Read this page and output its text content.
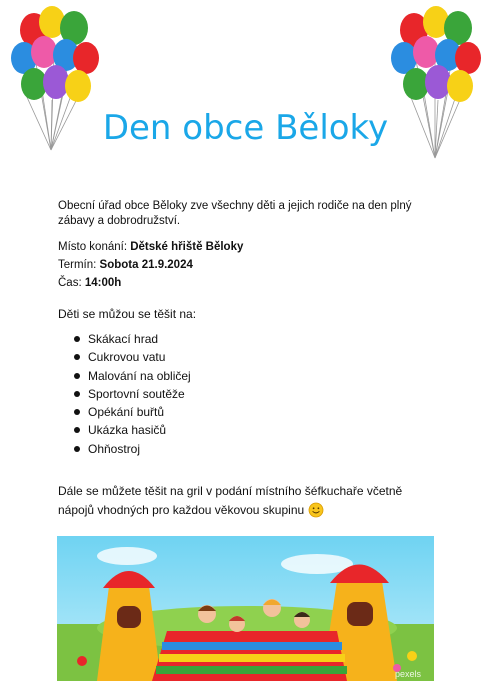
Den obce Běloky
Obecní úřad obce Běloky zve všechny děti a jejich rodiče na den plný zábavy a dobrodružství.
Místo konání: Dětské hřiště Běloky
Termín: Sobota 21.9.2024
Čas: 14:00h
Děti se můžou se těšit na:
Skákací hrad
Cukrovou vatu
Malování na obličej
Sportovní soutěže
Opékání buřtů
Ukázka hasičů
Ohňostroj
Dále se můžete těšit na gril v podání místního šéfkuchaře včetně nápojů vhodných pro každou věkovou skupinu
pexels
